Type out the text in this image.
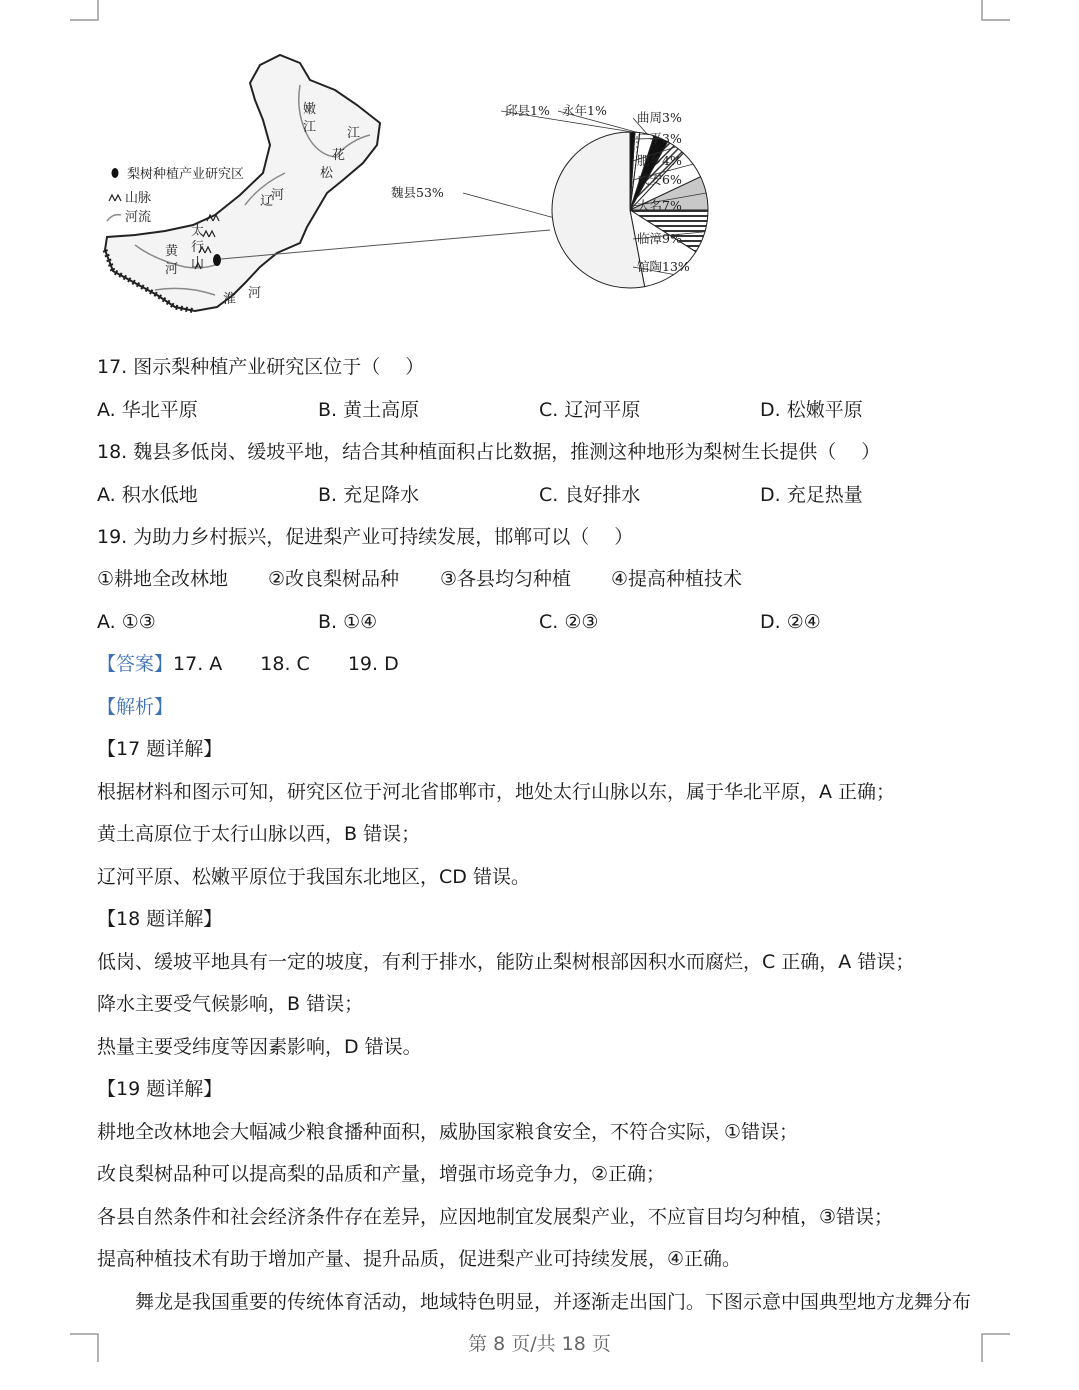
嫩
江 江
花
松
辽
河
太
行
山
黄
河
淮 河
梨树种植产业研究区
山脉
河流
邱县1% 永年1% 曲周3%
广平3%
肥乡4%
成安6%
大名7%
临漳9%
馆陶13%
魏县53%
17. 图示梨种植产业研究区位于（　 ）
A. 华北平原	B. 黄土高原	C. 辽河平原	D. 松嫩平原
18. 魏县多低岗、缓坡平地，结合其种植面积占比数据，推测这种地形为梨树生长提供（　 ）
A. 积水低地	B. 充足降水	C. 良好排水	D. 充足热量
19. 为助力乡村振兴，促进梨产业可持续发展，邯郸可以（　 ）
①耕地全改林地 ②改良梨树品种 ③各县均匀种植 ④提高种植技术
A. ①③	B. ①④	C. ②③	D. ②④
【答案】17. A 18. C 19. D
【解析】
【17 题详解】
根据材料和图示可知，研究区位于河北省邯郸市，地处太行山脉以东，属于华北平原，A 正确；
黄土高原位于太行山脉以西，B 错误；
辽河平原、松嫩平原位于我国东北地区，CD 错误。
【18 题详解】
低岗、缓坡平地具有一定的坡度，有利于排水，能防止梨树根部因积水而腐烂，C 正确，A 错误；
降水主要受气候影响，B 错误；
热量主要受纬度等因素影响，D 错误。
【19 题详解】
耕地全改林地会大幅减少粮食播种面积，威胁国家粮食安全，不符合实际，①错误；
改良梨树品种可以提高梨的品质和产量，增强市场竞争力，②正确；
各县自然条件和社会经济条件存在差异，应因地制宜发展梨产业，不应盲目均匀种植，③错误；
提高种植技术有助于增加产量、提升品质，促进梨产业可持续发展，④正确。
舞龙是我国重要的传统体育活动，地域特色明显，并逐渐走出国门。下图示意中国典型地方龙舞分布
第 8 页/共 18 页
